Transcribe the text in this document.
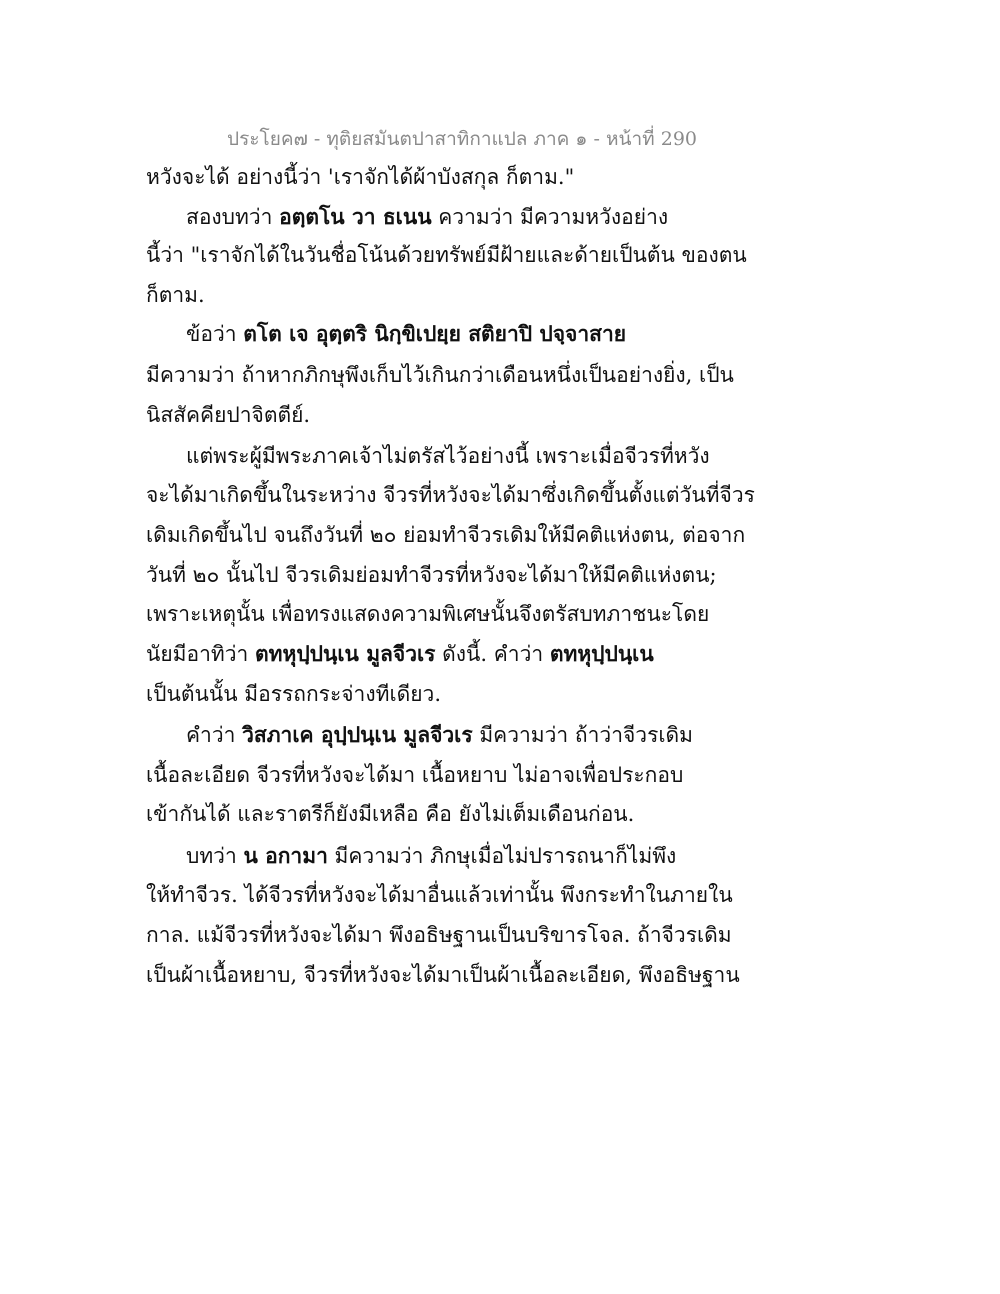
ประโยค๗ - ทุติยสมันตปาสาทิกาแปล ภาค ๑ - หน้าที่ 290
หวังจะได้ อย่างนี้ว่า 'เราจักได้ผ้าบังสกุล ก็ตาม."
สองบทว่า อตฺตโน วา ธเนน ความว่า มีความหวังอย่าง
นี้ว่า "เราจักได้ในวันชื่อโน้นด้วยทรัพย์มีฝ้ายและด้ายเป็นต้น ของตน
ก็ตาม.
ข้อว่า ตโต เจ อุตฺตริ นิกฺขิเปยฺย สติยาปิ ปจฺจาสาย
มีความว่า ถ้าหากภิกษุพึงเก็บไว้เกินกว่าเดือนหนึ่งเป็นอย่างยิ่ง, เป็น
นิสสัคคียปาจิตตีย์.
แต่พระผู้มีพระภาคเจ้าไม่ตรัสไว้อย่างนี้ เพราะเมื่อจีวรที่หวัง
จะได้มาเกิดขึ้นในระหว่าง จีวรที่หวังจะได้มาซึ่งเกิดขึ้นตั้งแต่วันที่จีวร
เดิมเกิดขึ้นไป จนถึงวันที่ ๒๐ ย่อมทำจีวรเดิมให้มีคติแห่งตน, ต่อจาก
วันที่ ๒๐ นั้นไป จีวรเดิมย่อมทำจีวรที่หวังจะได้มาให้มีคติแห่งตน;
เพราะเหตุนั้น เพื่อทรงแสดงความพิเศษนั้นจึงตรัสบทภาชนะโดย
นัยมีอาทิว่า ตทหุปฺปนฺเน มูลจีวเร ดังนี้. คำว่า ตทหุปฺปนฺเน
เป็นต้นนั้น มีอรรถกระจ่างทีเดียว.
คำว่า วิสภาเค อุปฺปนฺเน มูลจีวเร มีความว่า ถ้าว่าจีวรเดิม
เนื้อละเอียด จีวรที่หวังจะได้มา เนื้อหยาบ ไม่อาจเพื่อประกอบ
เข้ากันได้ และราตรีก็ยังมีเหลือ คือ ยังไม่เต็มเดือนก่อน.
บทว่า น อกามา มีความว่า ภิกษุเมื่อไม่ปรารถนาก็ไม่พึง
ให้ทำจีวร. ได้จีวรที่หวังจะได้มาอื่นแล้วเท่านั้น พึงกระทำในภายใน
กาล. แม้จีวรที่หวังจะได้มา พึงอธิษฐานเป็นบริขารโจล. ถ้าจีวรเดิม
เป็นผ้าเนื้อหยาบ, จีวรที่หวังจะได้มาเป็นผ้าเนื้อละเอียด, พึงอธิษฐาน
